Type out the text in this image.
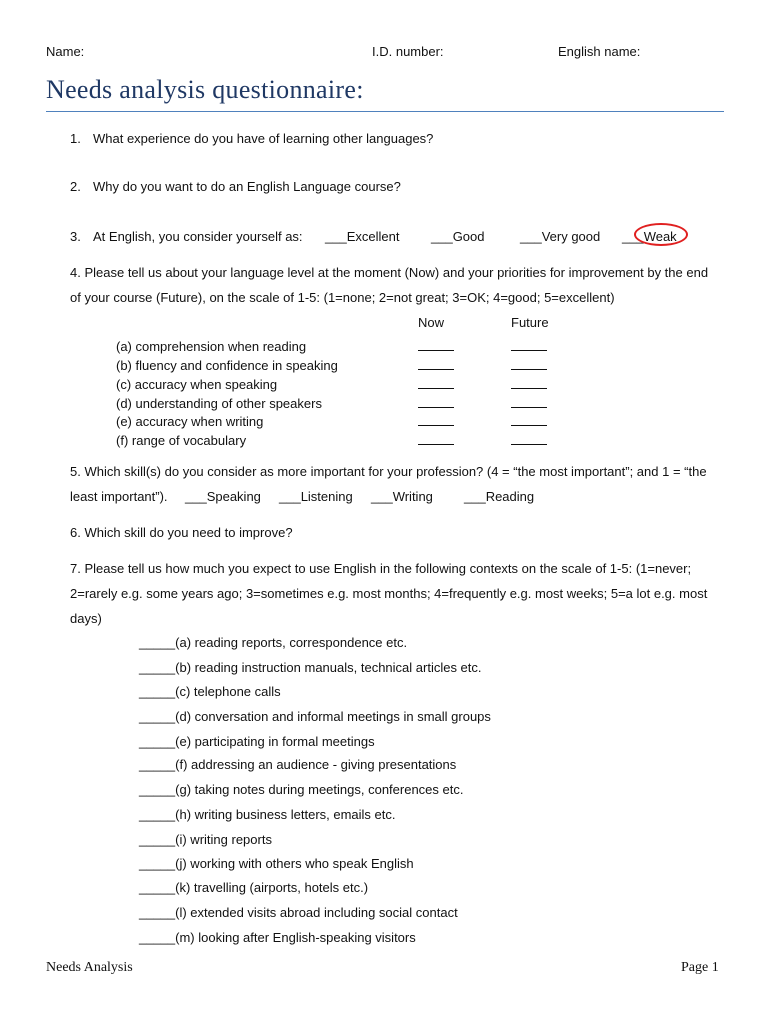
Name:	I.D. number:	English name:
Needs analysis questionnaire:
1. What experience do you have of learning other languages?
2. Why do you want to do an English Language course?
3. At English, you consider yourself as: ___Excellent ___Good	___Very good ___Weak
4. Please tell us about your language level at the moment (Now) and your priorities for improvement by the end
of your course (Future), on the scale of 1-5: (1=none; 2=not great; 3=OK; 4=good; 5=excellent)
Now	Future
(a) comprehension when reading
(b) fluency and confidence in speaking
(c) accuracy when speaking
(d) understanding of other speakers
(e) accuracy when writing
(f) range of vocabulary
5. Which skill(s) do you consider as more important for your profession? (4 = “the most important”; and 1 = “the
least important”). ___Speaking ___Listening ___Writing ___Reading
6. Which skill do you need to improve?
7. Please tell us how much you expect to use English in the following contexts on the scale of 1-5: (1=never;
2=rarely e.g. some years ago; 3=sometimes e.g. most months; 4=frequently e.g. most weeks; 5=a lot e.g. most
days)
_____(a) reading reports, correspondence etc.
_____(b) reading instruction manuals, technical articles etc.
_____(c) telephone calls
_____(d) conversation and informal meetings in small groups
_____(e) participating in formal meetings
_____(f) addressing an audience - giving presentations
_____(g) taking notes during meetings, conferences etc.
_____(h) writing business letters, emails etc.
_____(i) writing reports
_____(j) working with others who speak English
_____(k) travelling (airports, hotels etc.)
_____(l) extended visits abroad including social contact
_____(m) looking after English-speaking visitors
Needs Analysis	Page 1
